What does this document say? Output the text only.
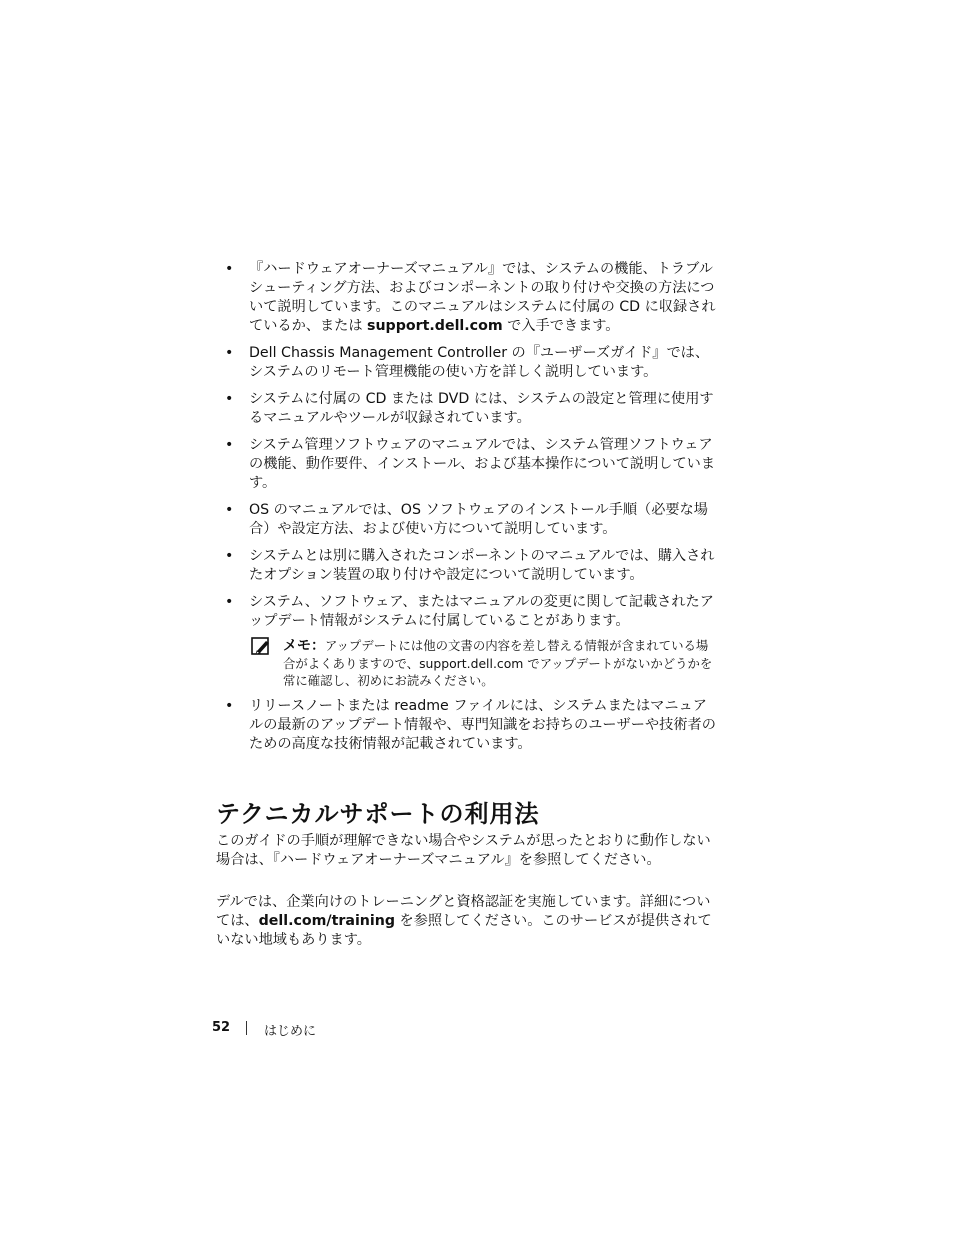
• 『ハードウェアオーナーズマニュアル』では、システムの機能、トラブルシューティング方法、およびコンポーネントの取り付けや交換の方法について説明しています。このマニュアルはシステムに付属の CD に収録されているか、または support.dell.com で入手できます。
• Dell Chassis Management Controller の『ユーザーズガイド』では、システムのリモート管理機能の使い方を詳しく説明しています。
• システムに付属の CD または DVD には、システムの設定と管理に使用するマニュアルやツールが収録されています。
• システム管理ソフトウェアのマニュアルでは、システム管理ソフトウェアの機能、動作要件、インストール、および基本操作について説明しています。
• OS のマニュアルでは、OS ソフトウェアのインストール手順（必要な場合）や設定方法、および使い方について説明しています。
• システムとは別に購入されたコンポーネントのマニュアルでは、購入されたオプション装置の取り付けや設定について説明しています。
• システム、ソフトウェア、またはマニュアルの変更に関して記載されたアップデート情報がシステムに付属していることがあります。
メモ：アップデートには他の文書の内容を差し替える情報が含まれている場合がよくありますので、support.dell.com でアップデートがないかどうかを常に確認し、初めにお読みください。
• リリースノートまたは readme ファイルには、システムまたはマニュアルの最新のアップデート情報や、専門知識をお持ちのユーザーや技術者のための高度な技術情報が記載されています。
テクニカルサポートの利用法

このガイドの手順が理解できない場合やシステムが思ったとおりに動作しない場合は、『ハードウェアオーナーズマニュアル』を参照してください。

デルでは、企業向けのトレーニングと資格認証を実施しています。詳細については、dell.com/training を参照してください。このサービスが提供されていない地域もあります。

52	はじめに
